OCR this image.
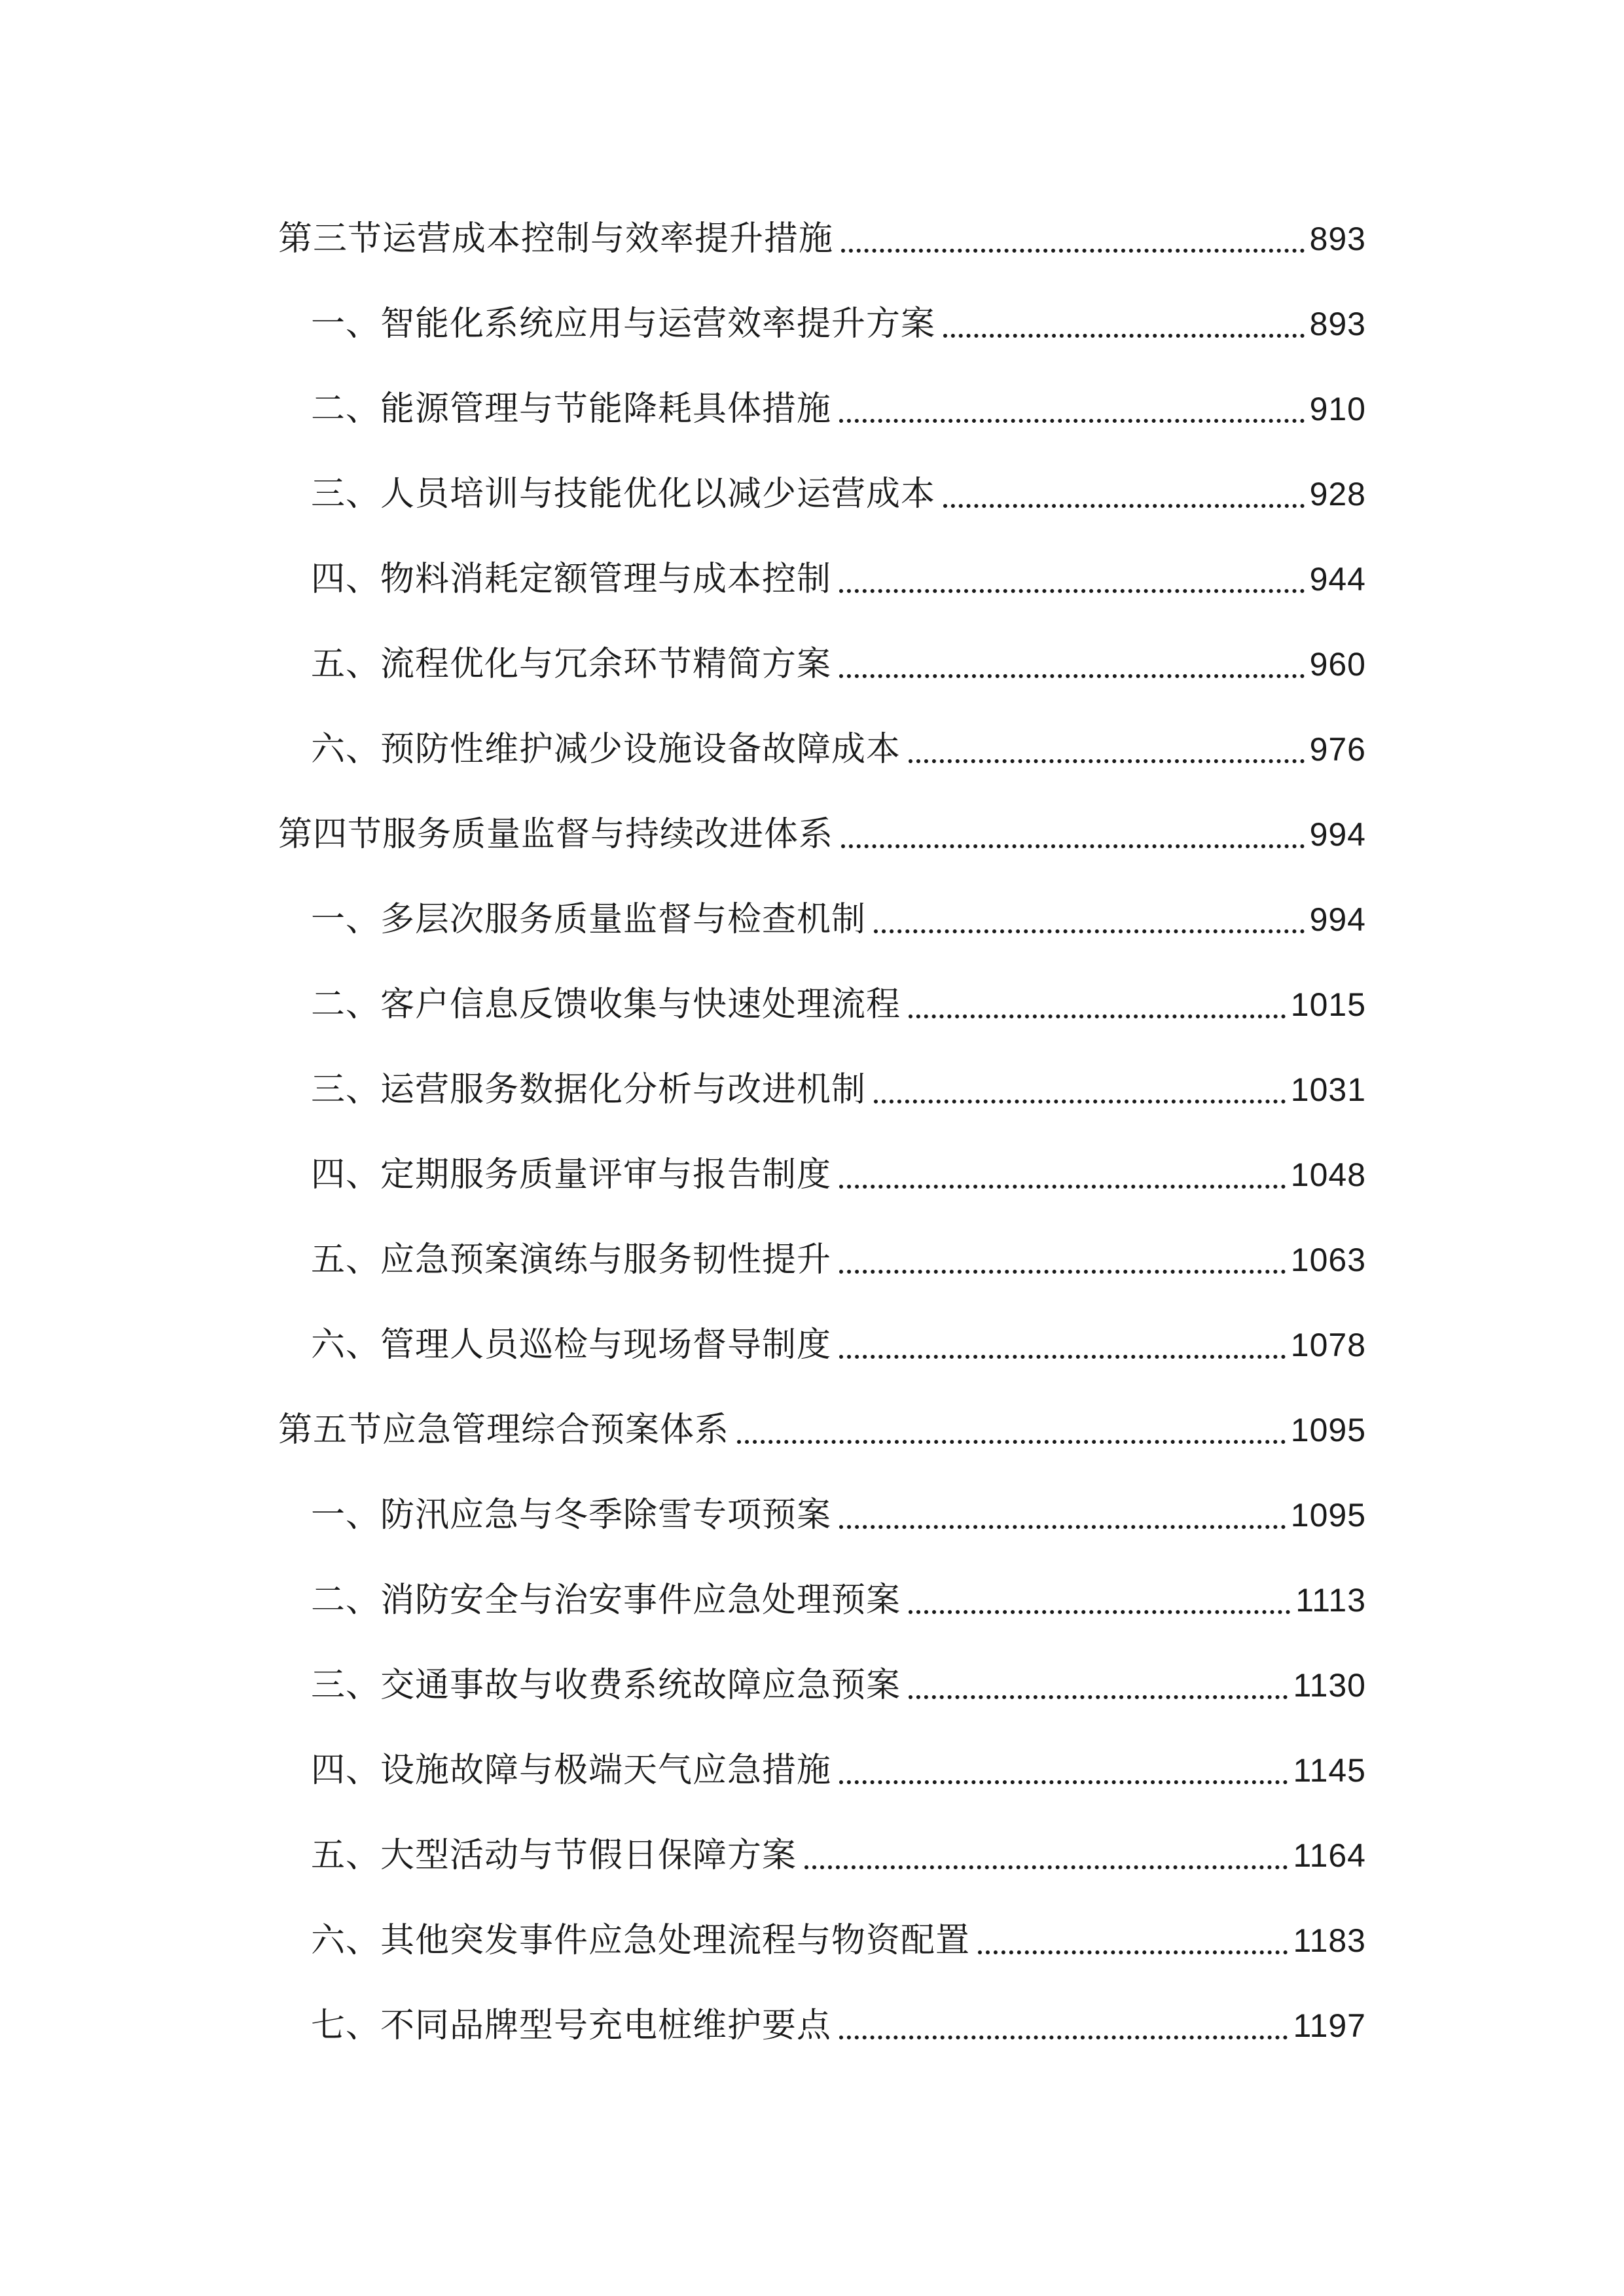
第三节运营成本控制与效率提升措施	893
一、智能化系统应用与运营效率提升方案	893
二、能源管理与节能降耗具体措施	910
三、人员培训与技能优化以减少运营成本	928
四、物料消耗定额管理与成本控制	944
五、流程优化与冗余环节精简方案	960
六、预防性维护减少设施设备故障成本	976
第四节服务质量监督与持续改进体系	994
一、多层次服务质量监督与检查机制	994
二、客户信息反馈收集与快速处理流程	1015
三、运营服务数据化分析与改进机制	1031
四、定期服务质量评审与报告制度	1048
五、应急预案演练与服务韧性提升	1063
六、管理人员巡检与现场督导制度	1078
第五节应急管理综合预案体系	1095
一、防汛应急与冬季除雪专项预案	1095
二、消防安全与治安事件应急处理预案	1113
三、交通事故与收费系统故障应急预案	1130
四、设施故障与极端天气应急措施	1145
五、大型活动与节假日保障方案	1164
六、其他突发事件应急处理流程与物资配置	1183
七、不同品牌型号充电桩维护要点	1197
